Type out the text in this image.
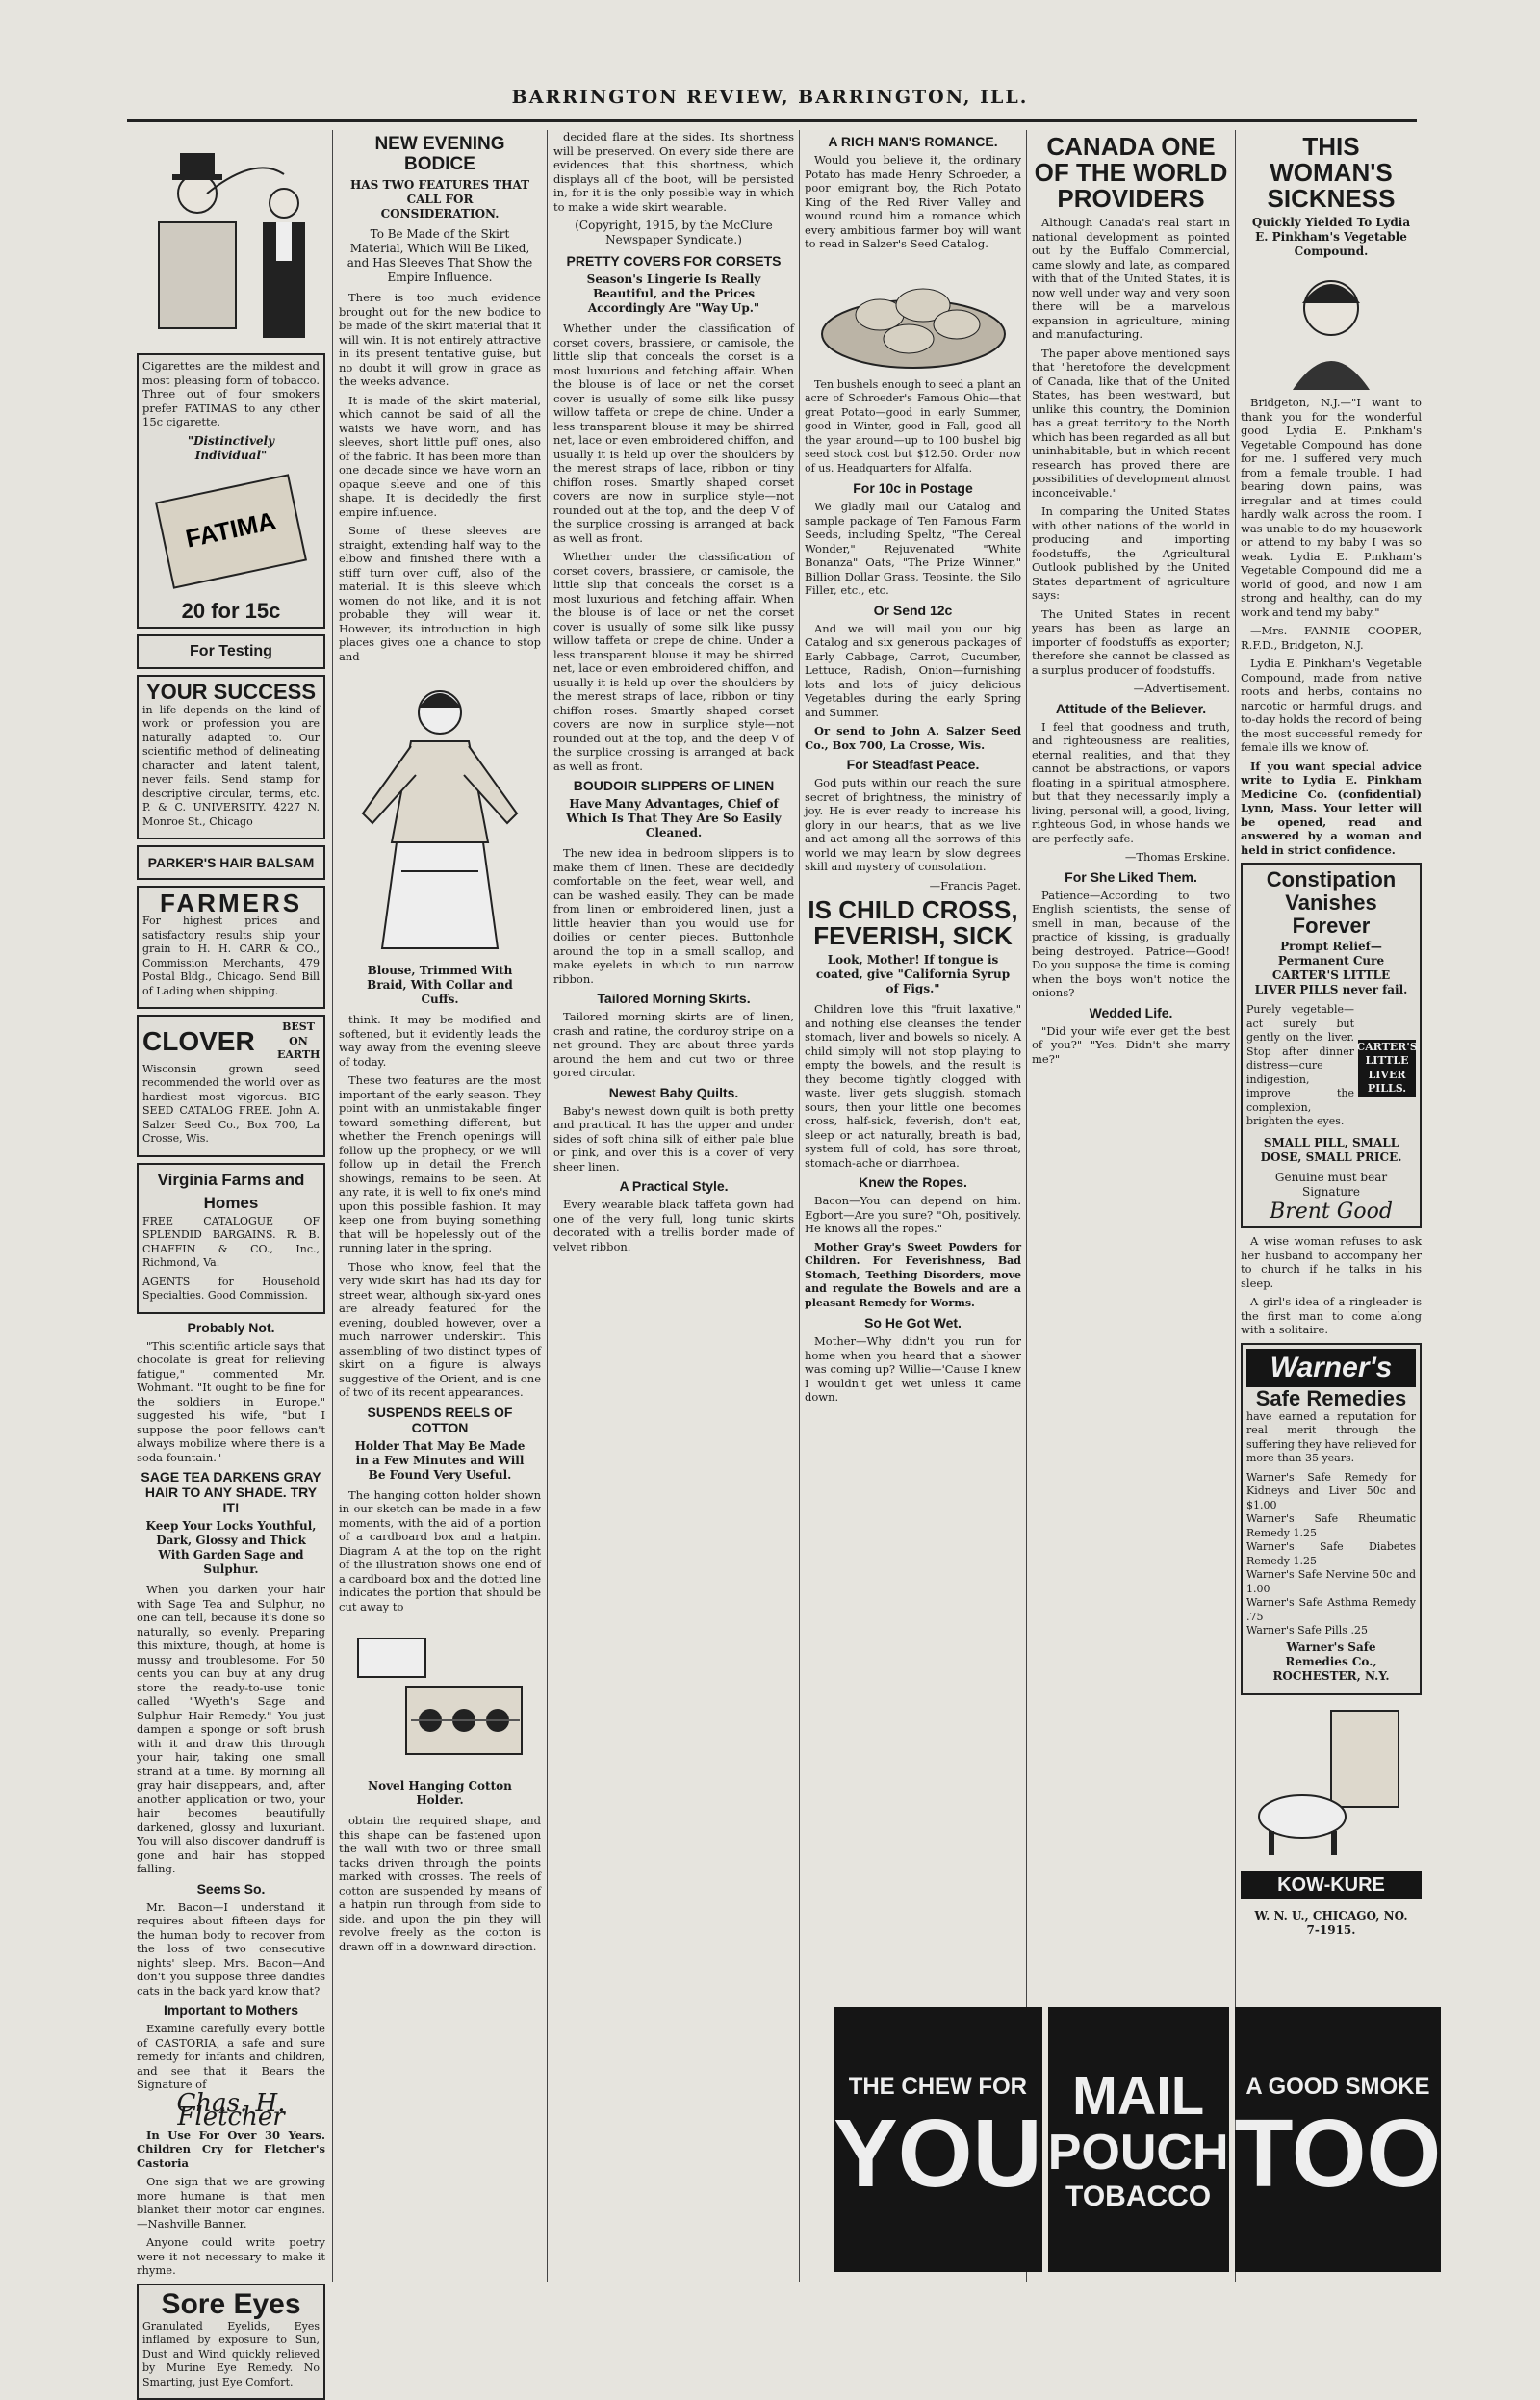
BARRINGTON REVIEW, BARRINGTON, ILL.

Cigarettes are the mildest and most pleasing form of tobacco. Three out of four smokers prefer FATIMAS to any other 15c cigarette.

"Distinctively Individual"
FATIMA
20 for 15c
For Testing
YOUR SUCCESS

in life depends on the kind of work or profession you are naturally adapted to. Our scientific method of delineating character and latent talent, never fails. Send stamp for descriptive circular, terms, etc. P. & C. UNIVERSITY. 4227 N. Monroe St., Chicago

PARKER'S HAIR BALSAM
FARMERS

For highest prices and satisfactory results ship your grain to H. H. CARR & CO., Commission Merchants, 479 Postal Bldg., Chicago. Send Bill of Lading when shipping.

CLOVER	BEST ON EARTH

Wisconsin grown seed recommended the world over as hardiest most vigorous. BIG SEED CATALOG FREE. John A. Salzer Seed Co., Box 700, La Crosse, Wis.

Virginia Farms and Homes

FREE CATALOGUE OF SPLENDID BARGAINS. R. B. CHAFFIN & CO., Inc., Richmond, Va.

AGENTS for Household Specialties. Good Commission.

Probably Not.

"This scientific article says that chocolate is great for relieving fatigue," commented Mr. Wohmant. "It ought to be fine for the soldiers in Europe," suggested his wife, "but I suppose the poor fellows can't always mobilize where there is a soda fountain."

SAGE TEA DARKENS GRAY HAIR TO ANY SHADE. TRY IT!
Keep Your Locks Youthful, Dark, Glossy and Thick With Garden Sage and Sulphur.

When you darken your hair with Sage Tea and Sulphur, no one can tell, because it's done so naturally, so evenly. Preparing this mixture, though, at home is mussy and troublesome. For 50 cents you can buy at any drug store the ready-to-use tonic called "Wyeth's Sage and Sulphur Hair Remedy." You just dampen a sponge or soft brush with it and draw this through your hair, taking one small strand at a time. By morning all gray hair disappears, and, after another application or two, your hair becomes beautifully darkened, glossy and luxuriant. You will also discover dandruff is gone and hair has stopped falling.

Seems So.

Mr. Bacon—I understand it requires about fifteen days for the human body to recover from the loss of two consecutive nights' sleep. Mrs. Bacon—And don't you suppose three dandies cats in the back yard know that?

Important to Mothers

Examine carefully every bottle of CASTORIA, a safe and sure remedy for infants and children, and see that it Bears the Signature of

Chas. H. Fletcher

In Use For Over 30 Years. Children Cry for Fletcher's Castoria

One sign that we are growing more humane is that men blanket their motor car engines.—Nashville Banner.

Anyone could write poetry were it not necessary to make it rhyme.

Sore Eyes

Granulated Eyelids, Eyes inflamed by exposure to Sun, Dust and Wind quickly relieved by Murine Eye Remedy. No Smarting, just Eye Comfort.

NEW EVENING BODICE
HAS TWO FEATURES THAT CALL FOR CONSIDERATION.
To Be Made of the Skirt Material, Which Will Be Liked, and Has Sleeves That Show the Empire Influence.

There is too much evidence brought out for the new bodice to be made of the skirt material that it will win. It is not entirely attractive in its present tentative guise, but no doubt it will grow in grace as the weeks advance.

It is made of the skirt material, which cannot be said of all the waists we have worn, and has sleeves, short little puff ones, also of the fabric. It has been more than one decade since we have worn an opaque sleeve and one of this shape. It is decidedly the first empire influence.

Some of these sleeves are straight, extending half way to the elbow and finished there with a stiff turn over cuff, also of the material. It is this sleeve which women do not like, and it is not probable they will wear it. However, its introduction in high places gives one a chance to stop and

Blouse, Trimmed With Braid, With Collar and Cuffs.

think. It may be modified and softened, but it evidently leads the way away from the evening sleeve of today.

These two features are the most important of the early season. They point with an unmistakable finger toward something different, but whether the French openings will follow up the prophecy, or we will follow up in detail the French showings, remains to be seen. At any rate, it is well to fix one's mind upon this possible fashion. It may keep one from buying something that will be hopelessly out of the running later in the spring.

Those who know, feel that the very wide skirt has had its day for street wear, although six-yard ones are already featured for the evening, doubled however, over a much narrower underskirt. This assembling of two distinct types of skirt on a figure is always suggestive of the Orient, and is one of two of its recent appearances.

SUSPENDS REELS OF COTTON
Holder That May Be Made in a Few Minutes and Will Be Found Very Useful.

The hanging cotton holder shown in our sketch can be made in a few moments, with the aid of a portion of a cardboard box and a hatpin. Diagram A at the top on the right of the illustration shows one end of a cardboard box and the dotted line indicates the portion that should be cut away to

Novel Hanging Cotton Holder.

obtain the required shape, and this shape can be fastened upon the wall with two or three small tacks driven through the points marked with crosses. The reels of cotton are suspended by means of a hatpin run through from side to side, and upon the pin they will revolve freely as the cotton is drawn off in a downward direction.

decided flare at the sides. Its shortness will be preserved. On every side there are evidences that this shortness, which displays all of the boot, will be persisted in, for it is the only possible way in which to make a wide skirt wearable.

(Copyright, 1915, by the McClure Newspaper Syndicate.)
PRETTY COVERS FOR CORSETS
Season's Lingerie Is Really Beautiful, and the Prices Accordingly Are "Way Up."

Whether under the classification of corset covers, brassiere, or camisole, the little slip that conceals the corset is a most luxurious and fetching affair. When the blouse is of lace or net the corset cover is usually of some silk like pussy willow taffeta or crepe de chine. Under a less transparent blouse it may be shirred net, lace or even embroidered chiffon, and usually it is held up over the shoulders by the merest straps of lace, ribbon or tiny chiffon roses. Smartly shaped corset covers are now in surplice style—not rounded out at the top, and the deep V of the surplice crossing is arranged at back as well as front.

Whether under the classification of corset covers, brassiere, or camisole, the little slip that conceals the corset is a most luxurious and fetching affair. When the blouse is of lace or net the corset cover is usually of some silk like pussy willow taffeta or crepe de chine. Under a less transparent blouse it may be shirred net, lace or even embroidered chiffon, and usually it is held up over the shoulders by the merest straps of lace, ribbon or tiny chiffon roses. Smartly shaped corset covers are now in surplice style—not rounded out at the top, and the deep V of the surplice crossing is arranged at back as well as front.

BOUDOIR SLIPPERS OF LINEN
Have Many Advantages, Chief of Which Is That They Are So Easily Cleaned.

The new idea in bedroom slippers is to make them of linen. These are decidedly comfortable on the feet, wear well, and can be washed easily. They can be made from linen or embroidered linen, just a little heavier than you would use for doilies or center pieces. Buttonhole around the top in a small scallop, and make eyelets in which to run narrow ribbon.

Tailored Morning Skirts.

Tailored morning skirts are of linen, crash and ratine, the corduroy stripe on a net ground. They are about three yards around the hem and cut two or three gored circular.

Newest Baby Quilts.

Baby's newest down quilt is both pretty and practical. It has the upper and under sides of soft china silk of either pale blue or pink, and over this is a cover of very sheer linen.

A Practical Style.

Every wearable black taffeta gown had one of the very full, long tunic skirts decorated with a trellis border made of velvet ribbon.

A RICH MAN'S ROMANCE.

Would you believe it, the ordinary Potato has made Henry Schroeder, a poor emigrant boy, the Rich Potato King of the Red River Valley and wound round him a romance which every ambitious farmer boy will want to read in Salzer's Seed Catalog.

Ten bushels enough to seed a plant an acre of Schroeder's Famous Ohio—that great Potato—good in early Summer, good in Winter, good in Fall, good all the year around—up to 100 bushel big seed stock cost but $12.50. Order now of us. Headquarters for Alfalfa.

For 10c in Postage

We gladly mail our Catalog and sample package of Ten Famous Farm Seeds, including Speltz, "The Cereal Wonder," Rejuvenated "White Bonanza" Oats, "The Prize Winner," Billion Dollar Grass, Teosinte, the Silo Filler, etc., etc.

Or Send 12c

And we will mail you our big Catalog and six generous packages of Early Cabbage, Carrot, Cucumber, Lettuce, Radish, Onion—furnishing lots and lots of juicy delicious Vegetables during the early Spring and Summer.

Or send to John A. Salzer Seed Co., Box 700, La Crosse, Wis.

For Steadfast Peace.

God puts within our reach the sure secret of brightness, the ministry of joy. He is ever ready to increase his glory in our hearts, that as we live and act among all the sorrows of this world we may learn by slow degrees skill and mystery of consolation.

—Francis Paget.

IS CHILD CROSS, FEVERISH, SICK
Look, Mother! If tongue is coated, give "California Syrup of Figs."

Children love this "fruit laxative," and nothing else cleanses the tender stomach, liver and bowels so nicely. A child simply will not stop playing to empty the bowels, and the result is they become tightly clogged with waste, liver gets sluggish, stomach sours, then your little one becomes cross, half-sick, feverish, don't eat, sleep or act naturally, breath is bad, system full of cold, has sore throat, stomach-ache or diarrhoea.

Knew the Ropes.

Bacon—You can depend on him. Egbort—Are you sure? "Oh, positively. He knows all the ropes."

Mother Gray's Sweet Powders for Children. For Feverishness, Bad Stomach, Teething Disorders, move and regulate the Bowels and are a pleasant Remedy for Worms.

So He Got Wet.

Mother—Why didn't you run for home when you heard that a shower was coming up? Willie—'Cause I knew I wouldn't get wet unless it came down.

CANADA ONE OF THE WORLD PROVIDERS

Although Canada's real start in national development as pointed out by the Buffalo Commercial, came slowly and late, as compared with that of the United States, it is now well under way and very soon there will be a marvelous expansion in agriculture, mining and manufacturing.

The paper above mentioned says that "heretofore the development of Canada, like that of the United States, has been westward, but unlike this country, the Dominion has a great territory to the North which has been regarded as all but uninhabitable, but in which recent research has proved there are possibilities of development almost inconceivable."

In comparing the United States with other nations of the world in producing and importing foodstuffs, the Agricultural Outlook published by the United States department of agriculture says:

The United States in recent years has been as large an importer of foodstuffs as exporter; therefore she cannot be classed as a surplus producer of foodstuffs.

—Advertisement.

Attitude of the Believer.

I feel that goodness and truth, and righteousness are realities, eternal realities, and that they cannot be abstractions, or vapors floating in a spiritual atmosphere, but that they necessarily imply a living, personal will, a good, living, righteous God, in whose hands we are perfectly safe.

—Thomas Erskine.

For She Liked Them.

Patience—According to two English scientists, the sense of smell in man, because of the practice of kissing, is gradually being destroyed. Patrice—Good! Do you suppose the time is coming when the boys won't notice the onions?

Wedded Life.

"Did your wife ever get the best of you?" "Yes. Didn't she marry me?"

THIS WOMAN'S SICKNESS
Quickly Yielded To Lydia E. Pinkham's Vegetable Compound.

Bridgeton, N.J.—"I want to thank you for the wonderful good Lydia E. Pinkham's Vegetable Compound has done for me. I suffered very much from a female trouble. I had bearing down pains, was irregular and at times could hardly walk across the room. I was unable to do my housework or attend to my baby I was so weak. Lydia E. Pinkham's Vegetable Compound did me a world of good, and now I am strong and healthy, can do my work and tend my baby."

—Mrs. FANNIE COOPER, R.F.D., Bridgeton, N.J.

Lydia E. Pinkham's Vegetable Compound, made from native roots and herbs, contains no narcotic or harmful drugs, and to-day holds the record of being the most successful remedy for female ills we know of.

If you want special advice write to Lydia E. Pinkham Medicine Co. (confidential) Lynn, Mass. Your letter will be opened, read and answered by a woman and held in strict confidence.

Constipation Vanishes Forever
Prompt Relief—Permanent Cure CARTER'S LITTLE LIVER PILLS never fail.

Purely vegetable—act surely but gently on the liver. Stop after dinner distress—cure indigestion, improve the complexion, brighten the eyes.

CARTER'S LITTLE LIVER PILLS.
SMALL PILL, SMALL DOSE, SMALL PRICE.
Genuine must bear Signature
Brent Good

A wise woman refuses to ask her husband to accompany her to church if he talks in his sleep.

A girl's idea of a ringleader is the first man to come along with a solitaire.

Warner's
Safe Remedies

have earned a reputation for real merit through the suffering they have relieved for more than 35 years.

Warner's Safe Remedy for Kidneys and Liver 50c and $1.00
Warner's Safe Rheumatic Remedy 1.25
Warner's Safe Diabetes Remedy 1.25
Warner's Safe Nervine 50c and 1.00
Warner's Safe Asthma Remedy .75
Warner's Safe Pills .25
Warner's Safe Remedies Co., ROCHESTER, N.Y.
KOW-KURE
W. N. U., CHICAGO, NO. 7-1915.
THE CHEW FOR
YOU
MAIL
POUCH
TOBACCO
A GOOD SMOKE
TOO
